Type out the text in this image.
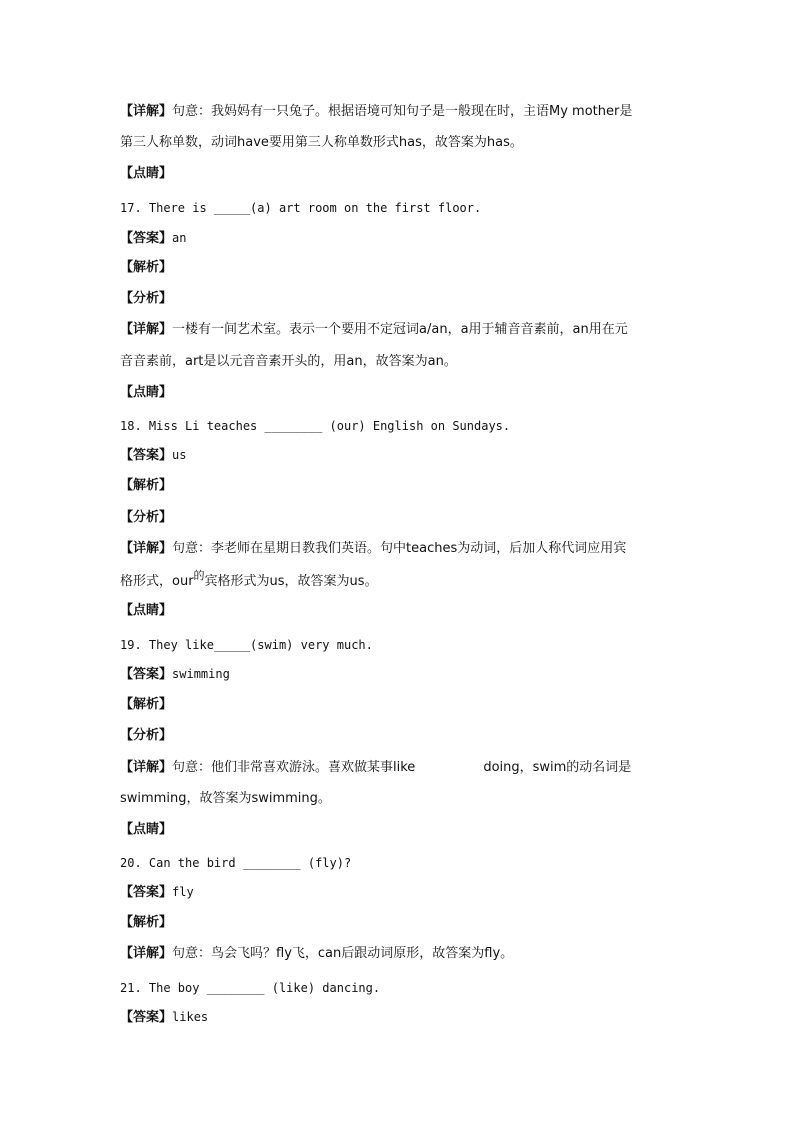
【详解】句意：我妈妈有一只兔子。根据语境可知句子是一般现在时，主语My mother是
第三人称单数，动词have要用第三人称单数形式has，故答案为has。
【点睛】
17. There is _____(a) art room on the first floor.
【答案】an
【解析】
【分析】
【详解】一楼有一间艺术室。表示一个要用不定冠词a/an，a用于辅音音素前，an用在元
音音素前，art是以元音音素开头的，用an，故答案为an。
【点睛】
18. Miss Li teaches ________ (our) English on Sundays.
【答案】us
【解析】
【分析】
【详解】句意：李老师在星期日教我们英语。句中teaches为动词，后加人称代词应用宾
格形式，our$^的$宾格形式为us，故答案为us。
【点睛】
19. They like_____(swim) very much.
【答案】swimming
【解析】
【分析】
【详解】句意：他们非常喜欢游泳。喜欢做某事like	doing，swim的动名词是
swimming，故答案为swimming。
【点睛】
20. Can the bird ________ (fly)?
【答案】fly
【解析】
【详解】句意：鸟会飞吗？fly飞，can后跟动词原形，故答案为fly。
21. The boy ________ (like) dancing.
【答案】likes
